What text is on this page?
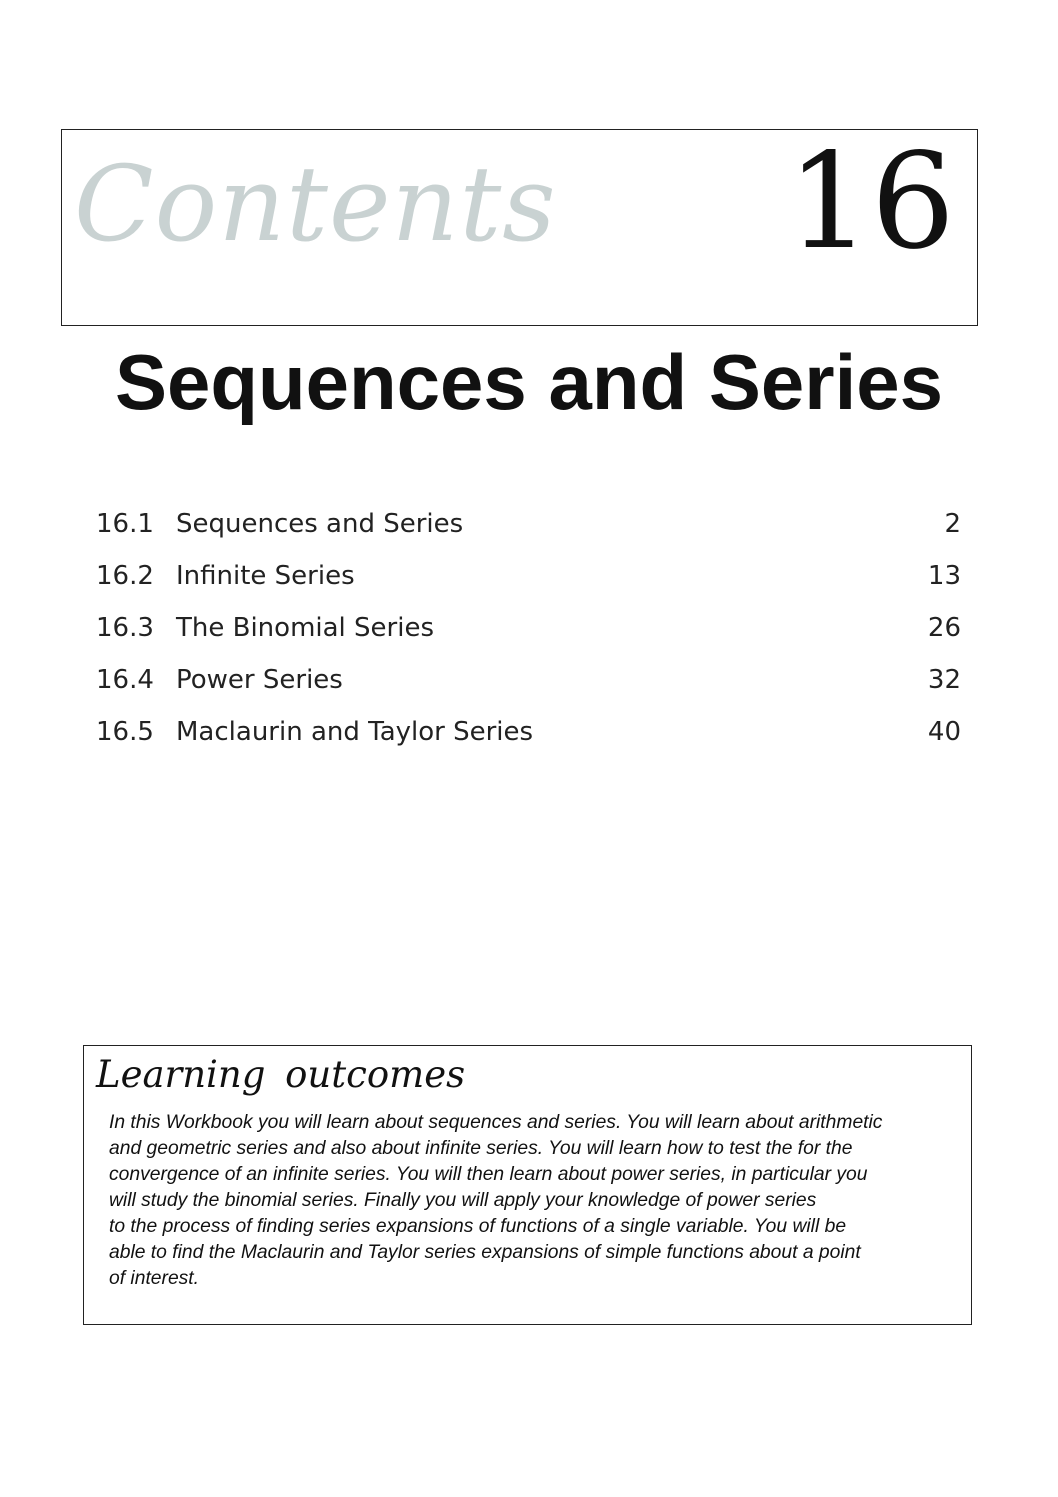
Contents 16
Sequences and Series
16.1 Sequences and Series	2
16.2 Infinite Series	13
16.3 The Binomial Series	26
16.4 Power Series	32
16.5 Maclaurin and Taylor Series	40
Learning outcomes
In this Workbook you will learn about sequences and series. You will learn about arithmetic
and geometric series and also about infinite series. You will learn how to test the for the
convergence of an infinite series. You will then learn about power series, in particular you
will study the binomial series. Finally you will apply your knowledge of power series
to the process of finding series expansions of functions of a single variable. You will be
able to find the Maclaurin and Taylor series expansions of simple functions about a point
of interest.
